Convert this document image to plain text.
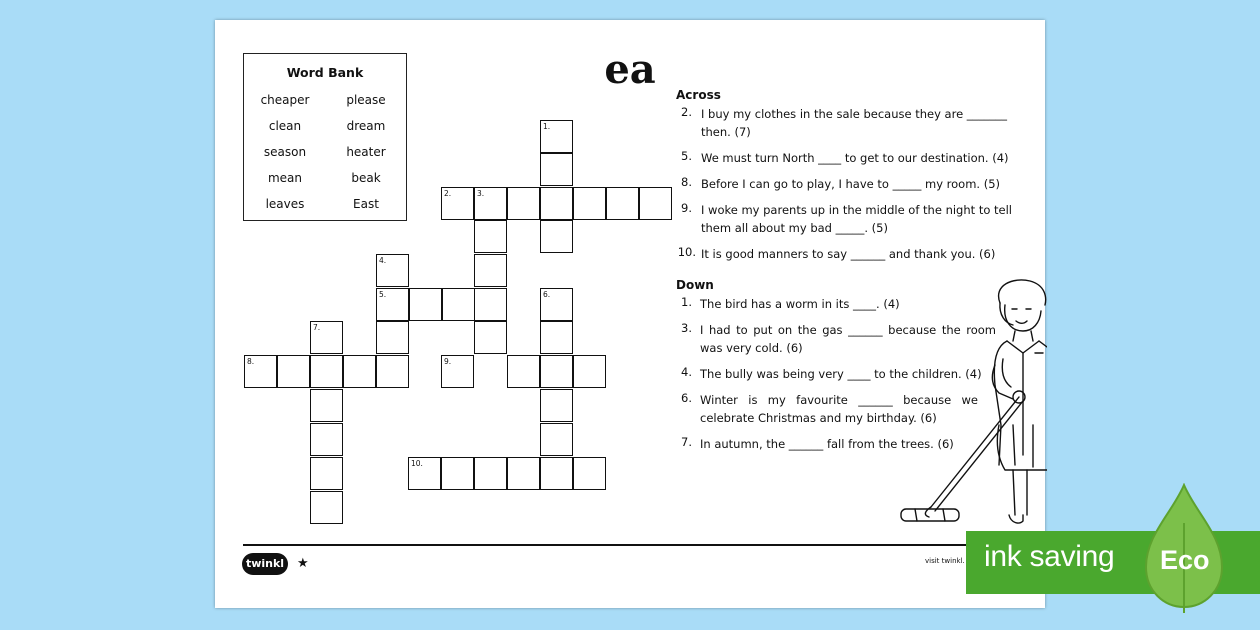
Word Bank
cheaper
clean
season
mean
leaves
please
dream
heater
beak
East
ea
1.
2.	3.
4.
5.	6.
7.
8.	9.
10.
Across
2. I buy my clothes in the sale because they are _______ then. (7)
5. We must turn North ____ to get to our destination. (4)
8. Before I can go to play, I have to _____ my room. (5)
9. I woke my parents up in the middle of the night to tell them all about my bad _____. (5)
10. It is good manners to say ______ and thank you. (6)
Down
1. The bird has a worm in its ____. (4)
3. I had to put on the gas ______ because the room was very cold. (6)
4. The bully was being very ____ to the children. (4)
6. Winter is my favourite ______ because we celebrate Christmas and my birthday. (6)
7. In autumn, the ______ fall from the trees. (6)
twinkl ★	visit twinkl. ink saving Eco
